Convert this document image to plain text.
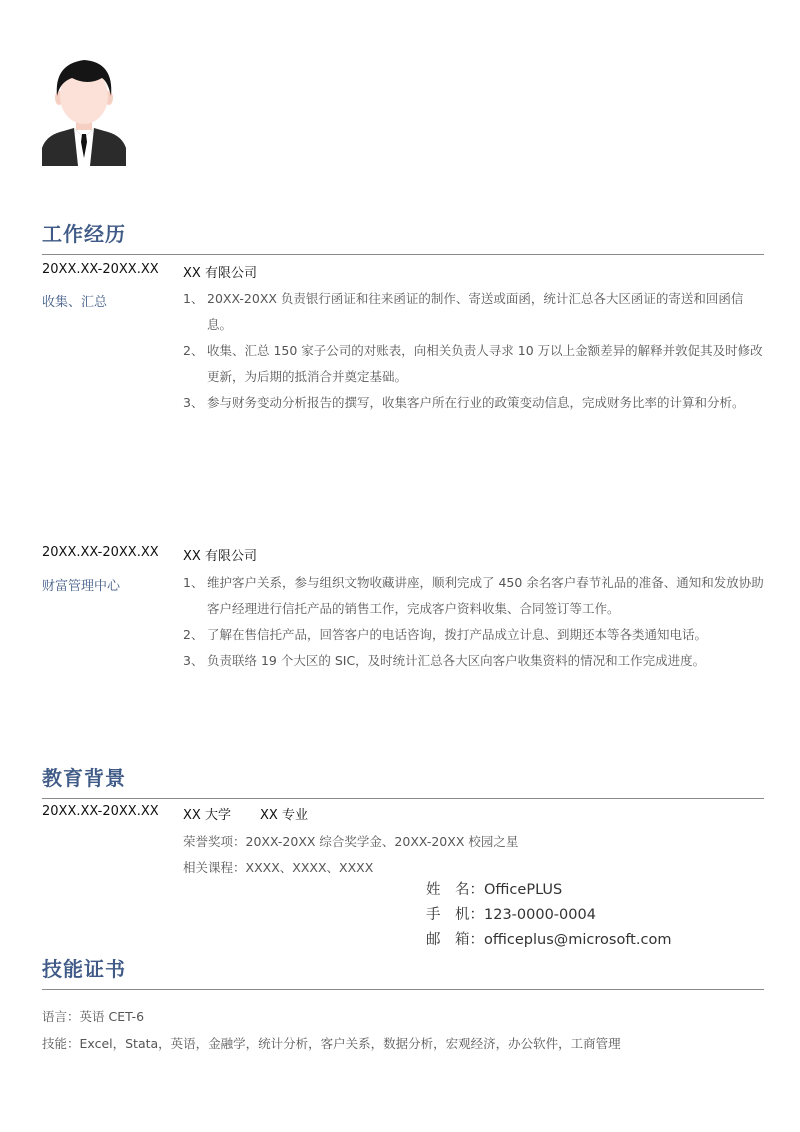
工作经历
20XX.XX-20XX.XX XX 有限公司
收集、汇总	1、 20XX-20XX 负责银行函证和往来函证的制作、寄送或面函，统计汇总各大区函证的寄送和回函信息。
2、 收集、汇总 150 家子公司的对账表，向相关负责人寻求 10 万以上金额差异的解释并敦促其及时修改更新，为后期的抵消合并奠定基础。
3、 参与财务变动分析报告的撰写，收集客户所在行业的政策变动信息，完成财务比率的计算和分析。
20XX.XX-20XX.XX XX 有限公司
财富管理中心	1、 维护客户关系，参与组织文物收藏讲座，顺利完成了 450 余名客户春节礼品的准备、通知和发放协助客户经理进行信托产品的销售工作，完成客户资料收集、合同签订等工作。
2、 了解在售信托产品，回答客户的电话咨询，拨打产品成立计息、到期还本等各类通知电话。
3、 负责联络 19 个大区的 SIC，及时统计汇总各大区向客户收集资料的情况和工作完成进度。
教育背景
20XX.XX-20XX.XX XX 大学 XX 专业
荣誉奖项：20XX-20XX 综合奖学金、20XX-20XX 校园之星
相关课程：XXXX、XXXX、XXXX
姓　名： OfficePLUS
手　机： 123-0000-0004
邮　箱： officeplus@microsoft.com
技能证书
语言：英语 CET-6
技能：Excel，Stata，英语，金融学，统计分析，客户关系，数据分析，宏观经济，办公软件，工商管理
